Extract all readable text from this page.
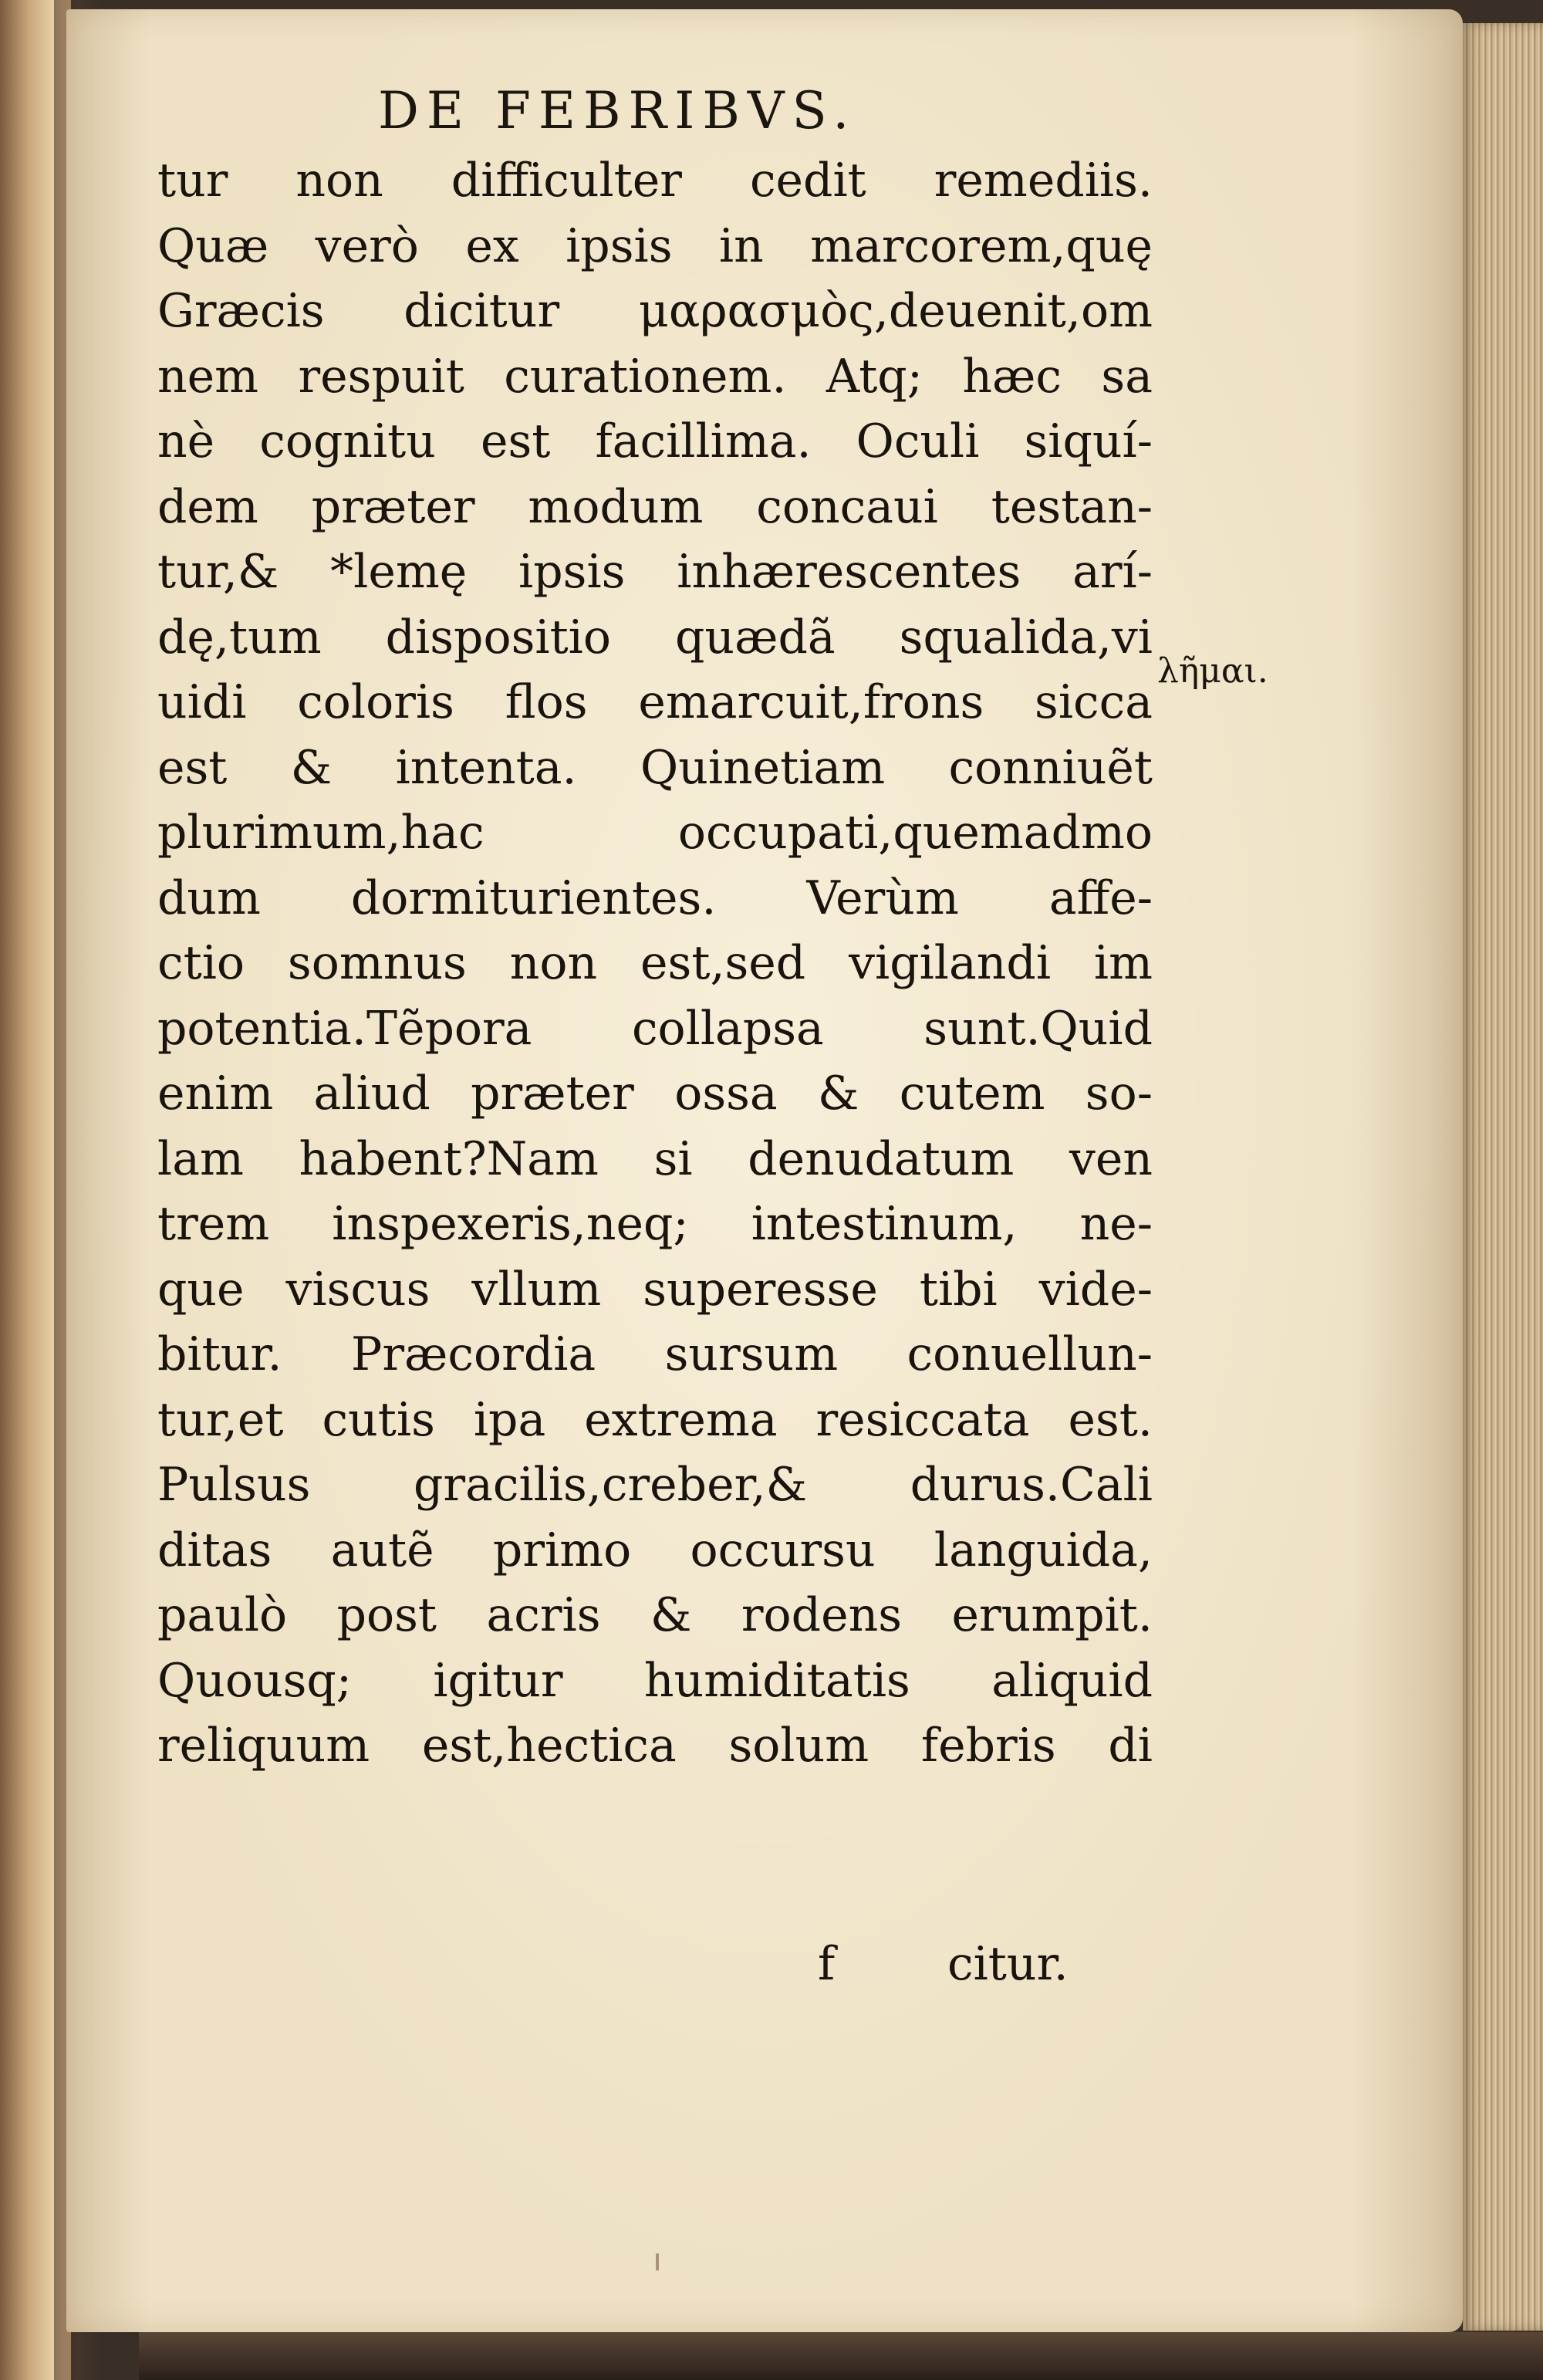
DE FEBRIBVS.
tur non difficulter cedit remediis.
Quæ verò ex ipsis in marcorem,quę
Græcis dicitur μαρασμὸς,deuenit,om
nem respuit curationem. Atq; hæc sa
nè cognitu est facillima. Oculi siquí-
dem præter modum concaui testan-
tur,& *lemę ipsis inhærescentes arí-
dę,tum dispositio quædã squalida,vi
uidi coloris flos emarcuit,frons sicca
est & intenta. Quinetiam conniuẽt
plurimum,hac occupati,quemadmo
dum dormiturientes. Verùm affe-
ctio somnus non est,sed vigilandi im
potentia.Tẽpora collapsa sunt.Quid
enim aliud præter ossa & cutem so-
lam habent?Nam si denudatum ven
trem inspexeris,neq; intestinum, ne-
que viscus vllum superesse tibi vide-
bitur. Præcordia sursum conuellun-
tur,et cutis ipa extrema resiccata est.
Pulsus gracilis,creber,& durus.Cali
ditas autẽ primo occursu languida,
paulò post acris & rodens erumpit.
Quousq; igitur humiditatis aliquid
reliquum est,hectica solum febris di
λῆμαι.
f citur.
